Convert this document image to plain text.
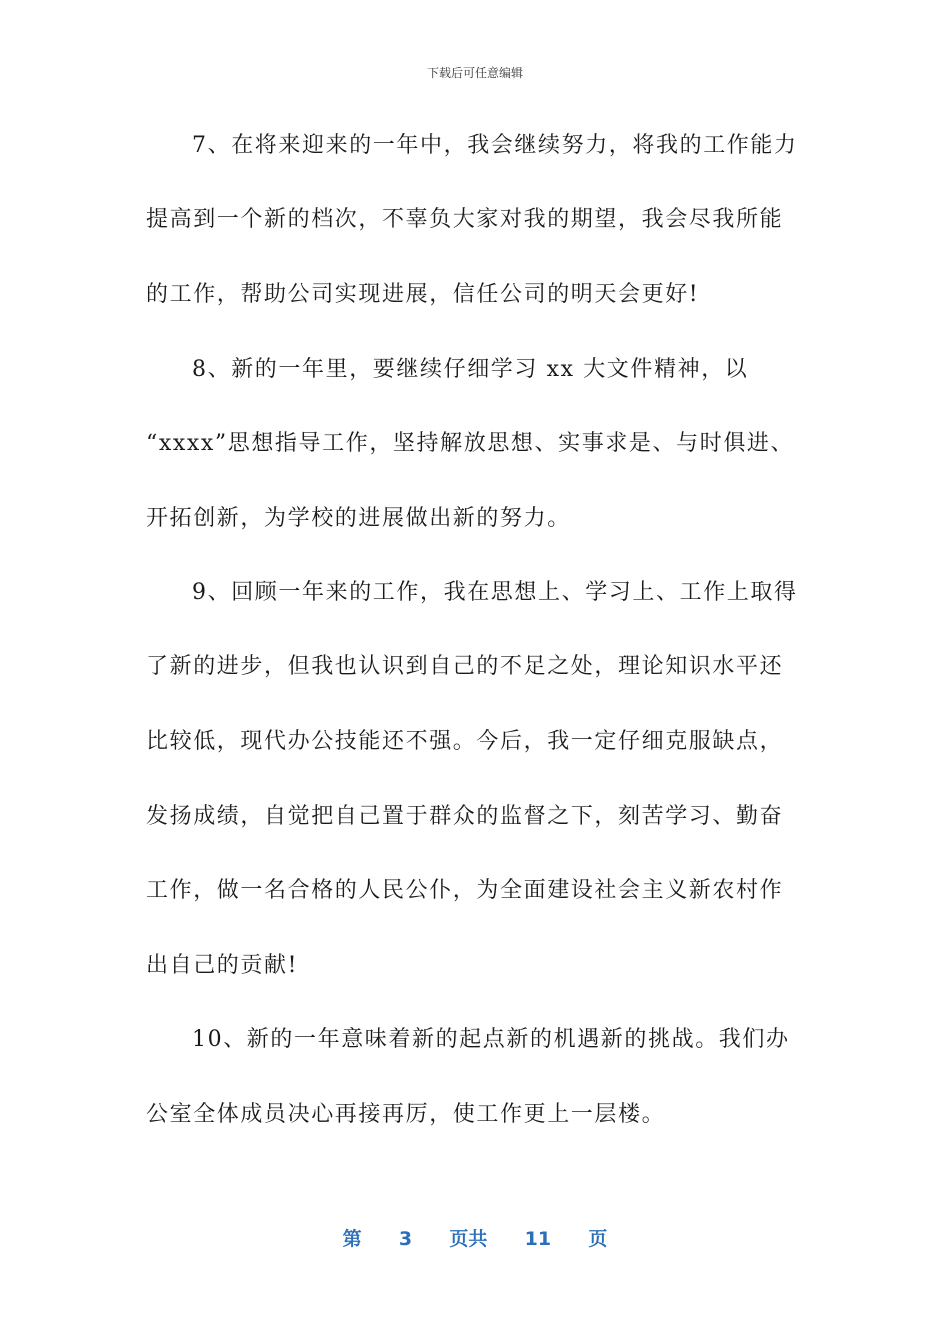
下载后可任意编辑
7、在将来迎来的一年中，我会继续努力，将我的工作能力
提高到一个新的档次，不辜负大家对我的期望，我会尽我所能
的工作，帮助公司实现进展，信任公司的明天会更好!
8、新的一年里，要继续仔细学习 xx 大文件精神，以
“xxxx”思想指导工作，坚持解放思想、实事求是、与时俱进、
开拓创新，为学校的进展做出新的努力。
9、回顾一年来的工作，我在思想上、学习上、工作上取得
了新的进步，但我也认识到自己的不足之处，理论知识水平还
比较低，现代办公技能还不强。今后，我一定仔细克服缺点，
发扬成绩，自觉把自己置于群众的监督之下，刻苦学习、勤奋
工作，做一名合格的人民公仆，为全面建设社会主义新农村作
出自己的贡献!
10、新的一年意味着新的起点新的机遇新的挑战。我们办
公室全体成员决心再接再厉，使工作更上一层楼。
第 3 页共 11 页
